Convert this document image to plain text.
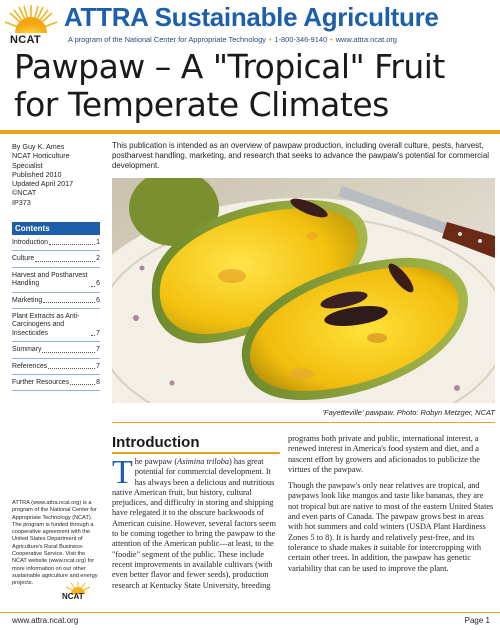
NCAT
ATTRA Sustainable Agriculture
A program of the National Center for Appropriate Technology • 1-800-346-9140 • www.attra.ncat.org
Pawpaw – A "Tropical" Fruit for Temperate Climates
By Guy K. Ames
NCAT Horticulture
Specialist
Published 2010
Updated April 2017
©NCAT
IP373
Contents
Introduction	1
Culture	2
Harvest and Postharvest Handling	6
Marketing	6
Plant Extracts as Anti-Carcinogens and Insecticides	7
Summary	7
References	7
Further Resources	8
ATTRA (www.attra.ncat.org) is a program of the National Center for Appropriate Technology (NCAT). The program is funded through a cooperative agreement with the United States Department of Agriculture's Rural Business-Cooperative Service. Visit the NCAT website (www.ncat.org) for more information on our other sustainable agriculture and energy projects.
NCAT
This publication is intended as an overview of pawpaw production, including overall culture, pests, harvest, postharvest handling, marketing, and research that seeks to advance the pawpaw's potential for commercial development.
'Fayetteville' pawpaw. Photo: Robyn Metzger, NCAT
Introduction

The pawpaw (Asimina triloba) has great potential for commercial development. It has always been a delicious and nutritious native American fruit, but history, cultural prejudices, and difficulty in storing and shipping have relegated it to the obscure backwoods of American cuisine. However, several factors seem to be coming together to bring the pawpaw to the attention of the American public—at least, to the "foodie" segment of the public. These include recent improvements in available cultivars (with even better flavor and fewer seeds), production research at Kentucky State University, breeding

programs both private and public, international interest, a renewed interest in America's food system and diet, and a nascent effort by growers and aficionados to publicize the virtues of the pawpaw.

Though the pawpaw's only near relatives are tropical, and pawpaws look like mangos and taste like bananas, they are not tropical but are native to most of the eastern United States and even parts of Canada. The pawpaw grows best in areas with hot summers and cold winters (USDA Plant Hardiness Zones 5 to 8). It is hardy and relatively pest-free, and its tolerance to shade makes it suitable for intercropping with certain other trees. In addition, the pawpaw has genetic variability that can be used to improve the plant.

www.attra.ncat.org	Page 1
